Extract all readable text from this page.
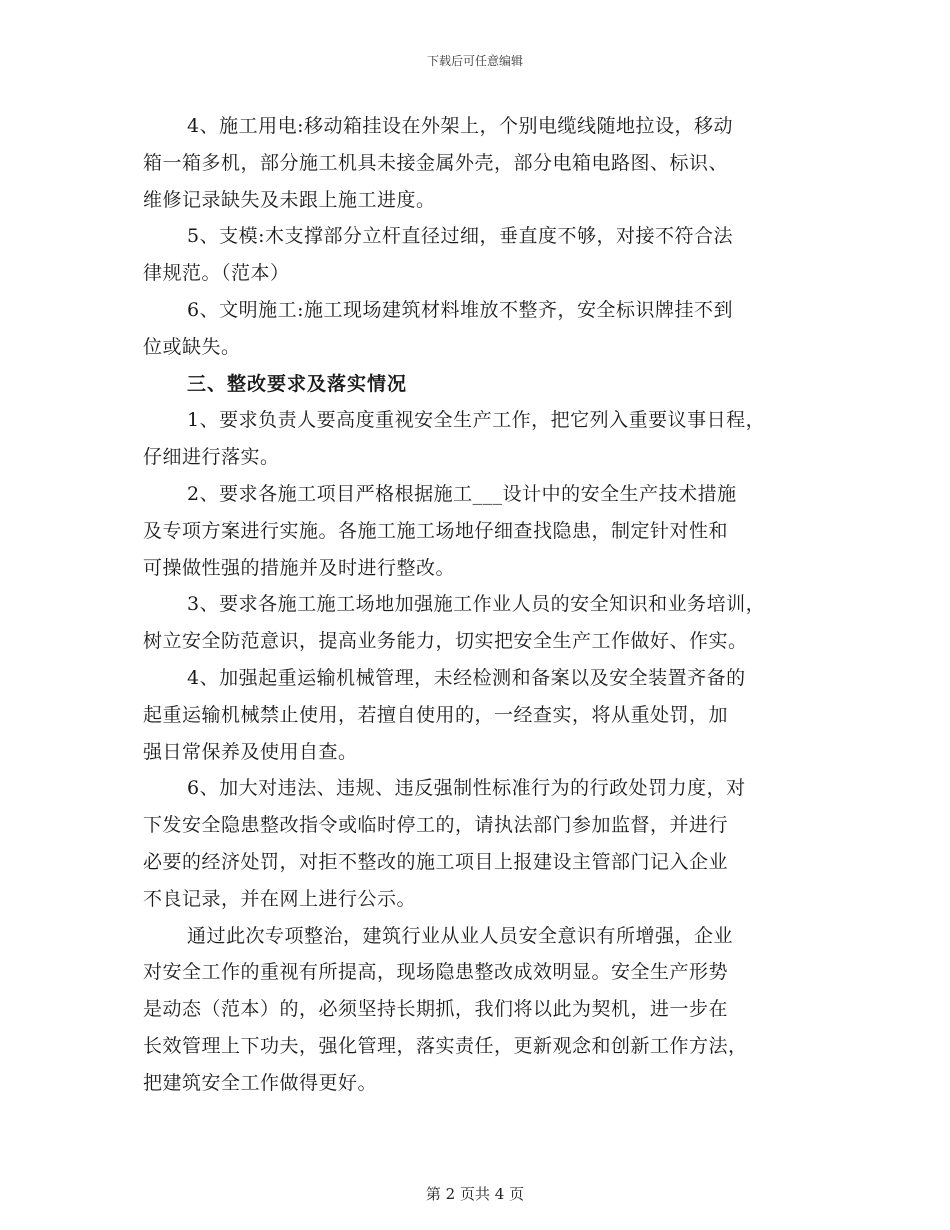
下载后可任意编辑
4、施工用电:移动箱挂设在外架上，个别电缆线随地拉设，移动
箱一箱多机，部分施工机具未接金属外壳，部分电箱电路图、标识、
维修记录缺失及未跟上施工进度。
5、支模:木支撑部分立杆直径过细，垂直度不够，对接不符合法
律规范。（范本）
6、文明施工:施工现场建筑材料堆放不整齐，安全标识牌挂不到
位或缺失。
三、整改要求及落实情况
1、要求负责人要高度重视安全生产工作，把它列入重要议事日程，
仔细进行落实。
2、要求各施工项目严格根据施工___设计中的安全生产技术措施
及专项方案进行实施。各施工施工场地仔细查找隐患，制定针对性和
可操做性强的措施并及时进行整改。
3、要求各施工施工场地加强施工作业人员的安全知识和业务培训，
树立安全防范意识，提高业务能力，切实把安全生产工作做好、作实。
4、加强起重运输机械管理，未经检测和备案以及安全装置齐备的
起重运输机械禁止使用，若擅自使用的，一经查实，将从重处罚，加
强日常保养及使用自查。
6、加大对违法、违规、违反强制性标准行为的行政处罚力度，对
下发安全隐患整改指令或临时停工的，请执法部门参加监督，并进行
必要的经济处罚，对拒不整改的施工项目上报建设主管部门记入企业
不良记录，并在网上进行公示。
通过此次专项整治，建筑行业从业人员安全意识有所增强，企业
对安全工作的重视有所提高，现场隐患整改成效明显。安全生产形势
是动态（范本）的，必须坚持长期抓，我们将以此为契机，进一步在
长效管理上下功夫，强化管理，落实责任，更新观念和创新工作方法，
把建筑安全工作做得更好。
第 2 页共 4 页
